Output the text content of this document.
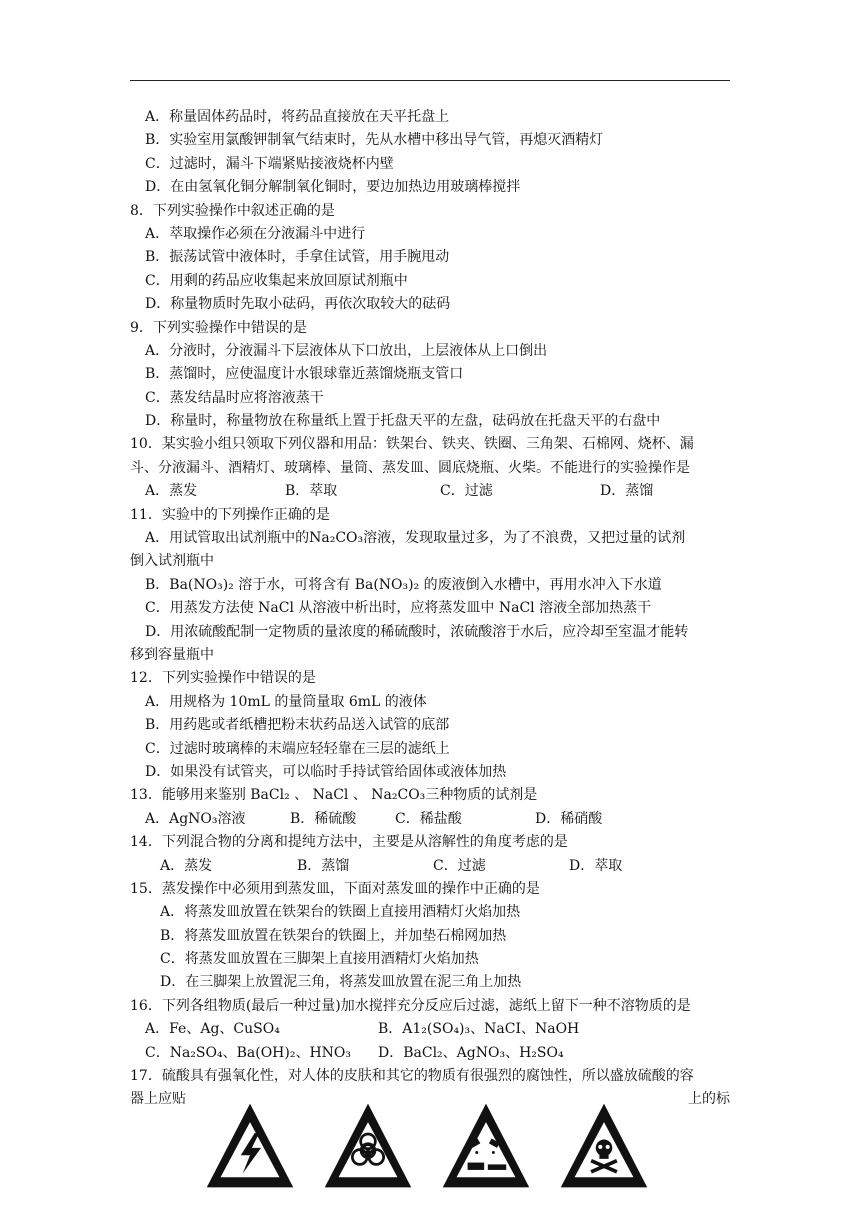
A．称量固体药品时，将药品直接放在天平托盘上
B．实验室用氯酸钾制氧气结束时，先从水槽中移出导气管，再熄灭酒精灯
C．过滤时，漏斗下端紧贴接液烧杯内壁
D．在由氢氧化铜分解制氧化铜时，要边加热边用玻璃棒搅拌
8．下列实验操作中叙述正确的是
A．萃取操作必须在分液漏斗中进行
B．振荡试管中液体时，手拿住试管，用手腕甩动
C．用剩的药品应收集起来放回原试剂瓶中
D．称量物质时先取小砝码，再依次取较大的砝码
9．下列实验操作中错误的是
A．分液时，分液漏斗下层液体从下口放出，上层液体从上口倒出
B．蒸馏时，应使温度计水银球靠近蒸馏烧瓶支管口
C．蒸发结晶时应将溶液蒸干
D．称量时，称量物放在称量纸上置于托盘天平的左盘，砝码放在托盘天平的右盘中
10．某实验小组只领取下列仪器和用品：铁架台、铁夹、铁圈、三角架、石棉网、烧杯、漏
斗、分液漏斗、酒精灯、玻璃棒、量筒、蒸发皿、圆底烧瓶、火柴。不能进行的实验操作是
A．蒸发	B．萃取	C．过滤	D．蒸馏
11．实验中的下列操作正确的是
A．用试管取出试剂瓶中的Na₂CO₃溶液，发现取量过多，为了不浪费，又把过量的试剂
倒入试剂瓶中
B．Ba(NO₃)₂ 溶于水，可将含有 Ba(NO₃)₂ 的废液倒入水槽中，再用水冲入下水道
C．用蒸发方法使 NaCl 从溶液中析出时，应将蒸发皿中 NaCl 溶液全部加热蒸干
D．用浓硫酸配制一定物质的量浓度的稀硫酸时，浓硫酸溶于水后，应冷却至室温才能转
移到容量瓶中
12．下列实验操作中错误的是
A．用规格为 10mL 的量筒量取 6mL 的液体
B．用药匙或者纸槽把粉末状药品送入试管的底部
C．过滤时玻璃棒的末端应轻轻靠在三层的滤纸上
D．如果没有试管夹，可以临时手持试管给固体或液体加热
13．能够用来鉴别 BaCl₂ 、 NaCl 、 Na₂CO₃三种物质的试剂是
A．AgNO₃溶液	B．稀硫酸	C．稀盐酸	D．稀硝酸
14．下列混合物的分离和提纯方法中，主要是从溶解性的角度考虑的是
A．蒸发	B．蒸馏	C．过滤	D．萃取
15．蒸发操作中必须用到蒸发皿，下面对蒸发皿的操作中正确的是
A．将蒸发皿放置在铁架台的铁圈上直接用酒精灯火焰加热
B．将蒸发皿放置在铁架台的铁圈上，并加垫石棉网加热
C．将蒸发皿放置在三脚架上直接用酒精灯火焰加热
D．在三脚架上放置泥三角，将蒸发皿放置在泥三角上加热
16．下列各组物质(最后一种过量)加水搅拌充分反应后过滤，滤纸上留下一种不溶物质的是
A．Fe、Ag、CuSO₄	B．A1₂(SO₄)₃、NaCI、NaOH
C．Na₂SO₄、Ba(OH)₂、HNO₃	D．BaCl₂、AgNO₃、H₂SO₄
17．硫酸具有强氧化性，对人体的皮肤和其它的物质有很强烈的腐蚀性，所以盛放硫酸的容
器上应贴	上的标
